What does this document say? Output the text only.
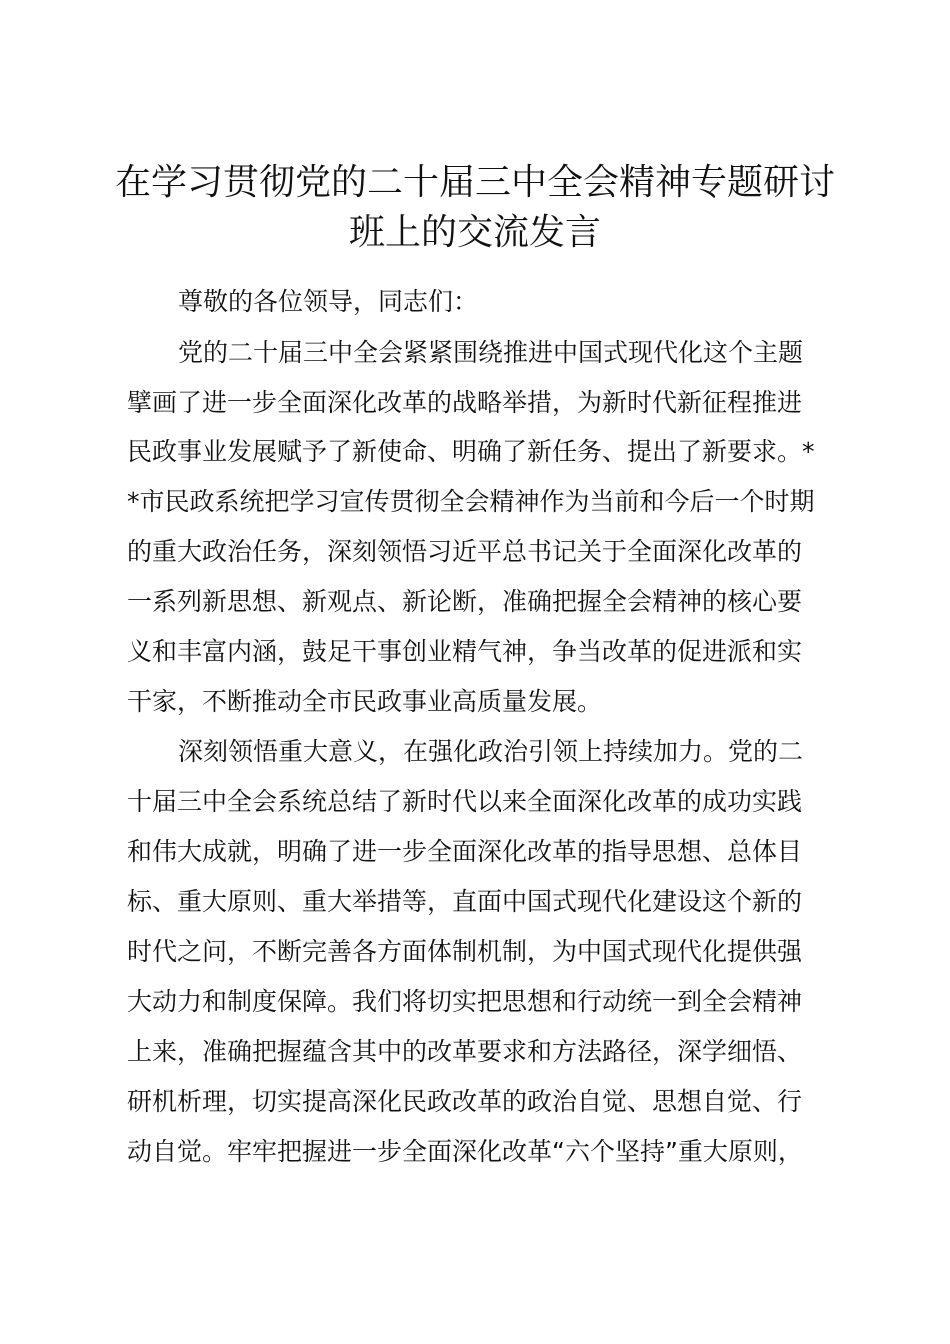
在学习贯彻党的二十届三中全会精神专题研讨
班上的交流发言
尊敬的各位领导，同志们：
党的二十届三中全会紧紧围绕推进中国式现代化这个主题
擘画了进一步全面深化改革的战略举措，为新时代新征程推进
民政事业发展赋予了新使命、明确了新任务、提出了新要求。*
*市民政系统把学习宣传贯彻全会精神作为当前和今后一个时期
的重大政治任务，深刻领悟习近平总书记关于全面深化改革的
一系列新思想、新观点、新论断，准确把握全会精神的核心要
义和丰富内涵，鼓足干事创业精气神，争当改革的促进派和实
干家，不断推动全市民政事业高质量发展。
深刻领悟重大意义，在强化政治引领上持续加力。党的二
十届三中全会系统总结了新时代以来全面深化改革的成功实践
和伟大成就，明确了进一步全面深化改革的指导思想、总体目
标、重大原则、重大举措等，直面中国式现代化建设这个新的
时代之问，不断完善各方面体制机制，为中国式现代化提供强
大动力和制度保障。我们将切实把思想和行动统一到全会精神
上来，准确把握蕴含其中的改革要求和方法路径，深学细悟、
研机析理，切实提高深化民政改革的政治自觉、思想自觉、行
动自觉。牢牢把握进一步全面深化改革“六个坚持”重大原则，
